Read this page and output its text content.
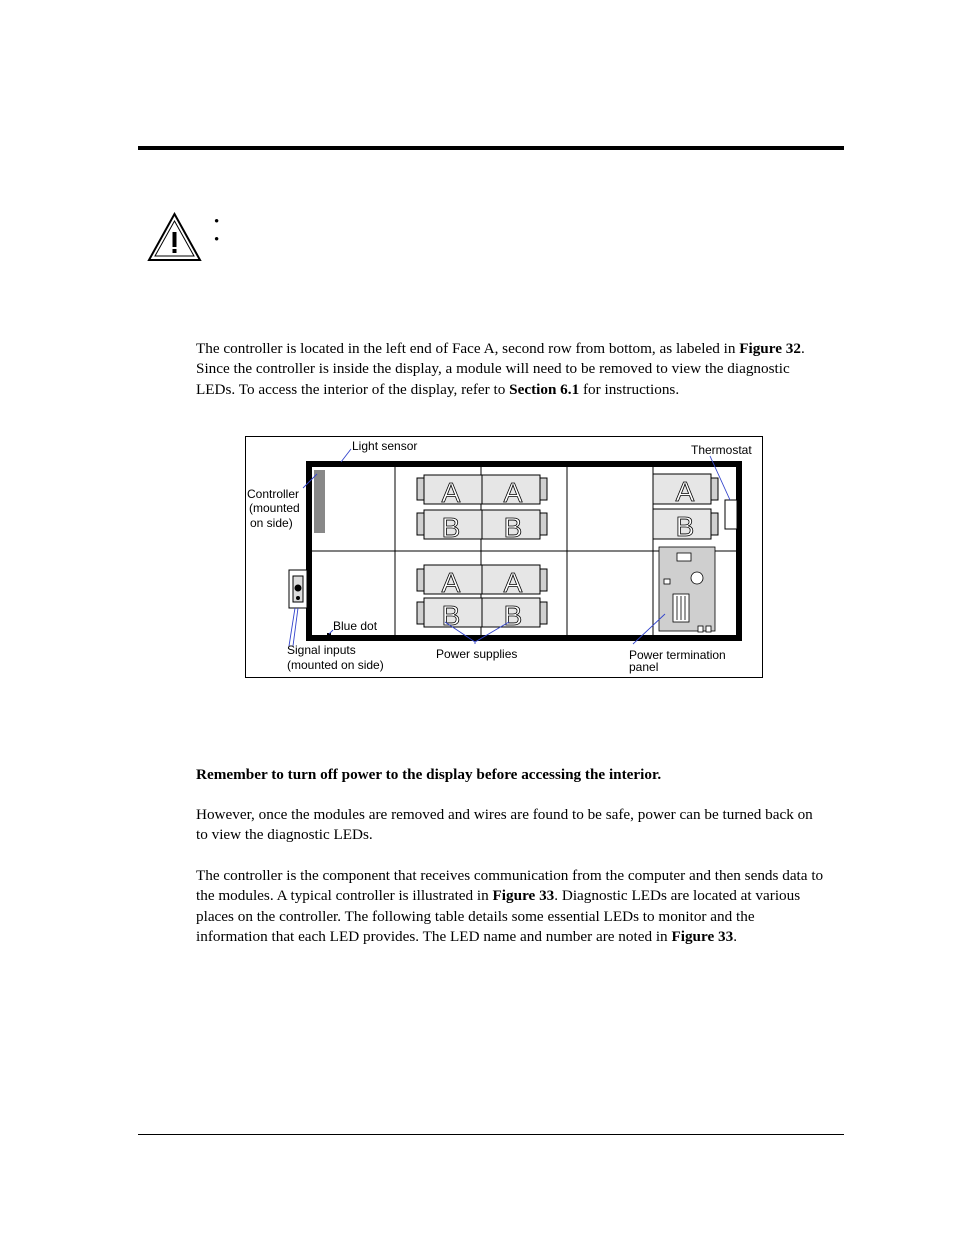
•
•

The controller is located in the left end of Face A, second row from bottom, as labeled in Figure 32. Since the controller is inside the display, a module will need to be removed to view the diagnostic LEDs. To access the interior of the display, refer to Section 6.1 for instructions.

A A
B B
A A
B B
A
B
Light sensor	Thermostat
Controller
(mounted
on side)
Blue dot
Signal inputs
(mounted on side)
Power supplies	Power termination
panel

Remember to turn off power to the display before accessing the interior.

However, once the modules are removed and wires are found to be safe, power can be turned back on to view the diagnostic LEDs.

The controller is the component that receives communication from the computer and then sends data to the modules. A typical controller is illustrated in Figure 33. Diagnostic LEDs are located at various places on the controller. The following table details some essential LEDs to monitor and the information that each LED provides. The LED name and number are noted in Figure 33.
